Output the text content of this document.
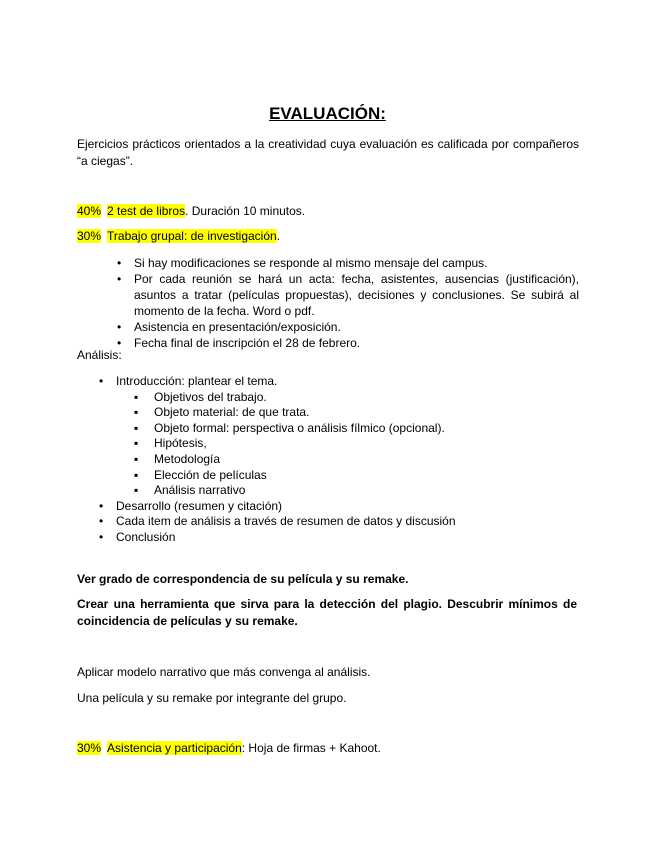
EVALUACIÓN:
Ejercicios prácticos orientados a la creatividad cuya evaluación es calificada por compañeros “a ciegas”.
40% 2 test de libros. Duración 10 minutos.
30% Trabajo grupal: de investigación.
• Si hay modificaciones se responde al mismo mensaje del campus.
• Por cada reunión se hará un acta: fecha, asistentes, ausencias (justificación), asuntos a tratar (películas propuestas), decisiones y conclusiones. Se subirá al momento de la fecha. Word o pdf.
• Asistencia en presentación/exposición.
• Fecha final de inscripción el 28 de febrero.
Análisis:
• Introducción: plantear el tema.
▪ Objetivos del trabajo.
▪ Objeto material: de que trata.
▪ Objeto formal: perspectiva o análisis fílmico (opcional).
▪ Hipótesis,
▪ Metodología
▪ Elección de películas
▪ Análisis narrativo
• Desarrollo (resumen y citación)
• Cada item de análisis a través de resumen de datos y discusión
• Conclusión
Ver grado de correspondencia de su película y su remake.
Crear una herramienta que sirva para la detección del plagio. Descubrir mínimos de coincidencia de películas y su remake.
Aplicar modelo narrativo que más convenga al análisis.
Una película y su remake por integrante del grupo.
30% Asistencia y participación: Hoja de firmas + Kahoot.
